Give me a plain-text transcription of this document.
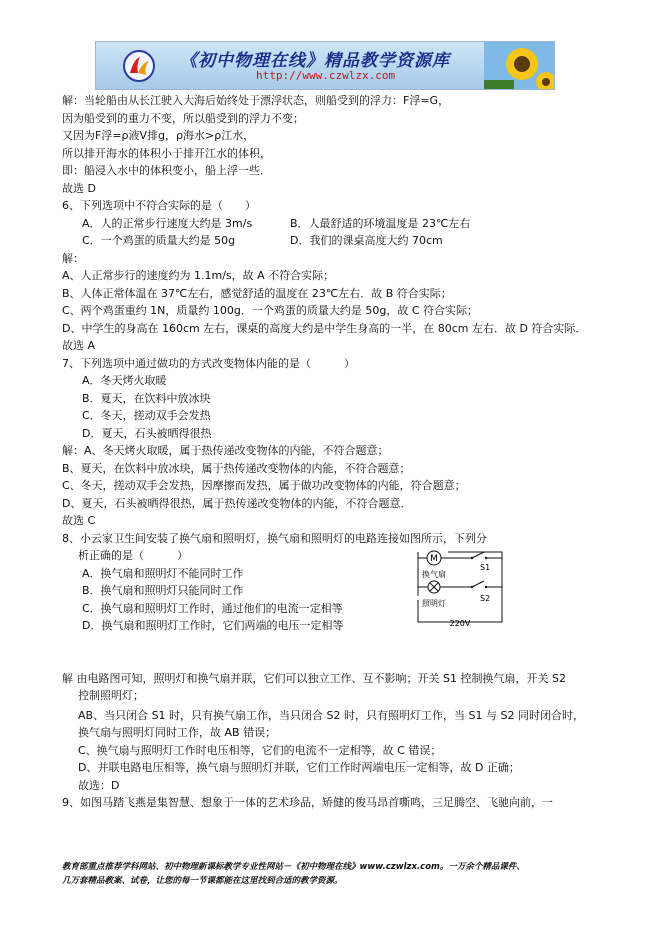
《初中物理在线》精品教学资源库
http://www.czwlzx.com
解：当轮船由从长江驶入大海后始终处于漂浮状态，则船受到的浮力：F浮=G，
因为船受到的重力不变，所以船受到的浮力不变；
又因为F浮=ρ液V排g，ρ海水>ρ江水，
所以排开海水的体积小于排开江水的体积，
即：船浸入水中的体积变小，船上浮一些．
故选 D
6、下列选项中不符合实际的是（　　）
A．人的正常步行速度大约是 3m/s	B．人最舒适的环境温度是 23℃左右
C．一个鸡蛋的质量大约是 50g	D．我们的课桌高度大约 70cm
解：
A、人正常步行的速度约为 1.1m/s，故 A 不符合实际；
B、人体正常体温在 37℃左右，感觉舒适的温度在 23℃左右．故 B 符合实际；
C、两个鸡蛋重约 1N，质量约 100g．一个鸡蛋的质量大约是 50g，故 C 符合实际；
D、中学生的身高在 160cm 左右，课桌的高度大约是中学生身高的一半，在 80cm 左右．故 D 符合实际．
故选 A
7、下列选项中通过做功的方式改变物体内能的是（　　　）
A．冬天烤火取暖
B．夏天，在饮料中放冰块
C．冬天，搓动双手会发热
D．夏天，石头被晒得很热
解：A、冬天烤火取暖，属于热传递改变物体的内能，不符合题意；
B、夏天，在饮料中放冰块，属于热传递改变物体的内能，不符合题意；
C、冬天，搓动双手会发热，因摩擦而发热，属于做功改变物体的内能，符合题意；
D、夏天，石头被晒得很热，属于热传递改变物体的内能，不符合题意．
故选 C
8、小云家卫生间安装了换气扇和照明灯，换气扇和照明灯的电路连接如图所示，下列分
析正确的是（　　　）
A．换气扇和照明灯不能同时工作
B．换气扇和照明灯只能同时工作
C．换气扇和照明灯工作时，通过他们的电流一定相等
D．换气扇和照明灯工作时，它们两端的电压一定相等
解 由电路图可知，照明灯和换气扇并联，它们可以独立工作、互不影响；开关 S1 控制换气扇，开关 S2
控制照明灯；
AB、当只闭合 S1 时，只有换气扇工作，当只闭合 S2 时，只有照明灯工作，当 S1 与 S2 同时闭合时，
换气扇与照明灯同时工作，故 AB 错误；
C、换气扇与照明灯工作时电压相等，它们的电流不一定相等，故 C 错误；
D、并联电路电压相等，换气扇与照明灯并联，它们工作时两端电压一定相等，故 D 正确；
故选：D
9、如图马踏飞燕是集智慧、想象于一体的艺术珍品，矫健的俊马昂首嘶鸣，三足腾空、飞驰向前，一
M
换气扇
照明灯
S1
S2
220V
教育部重点推荐学科网站、初中物理新课标教学专业性网站－《初中物理在线》www.czwlzx.com。一万余个精品课件、
几万套精品教案、试卷，让您的每一节课都能在这里找到合适的教学资源。
